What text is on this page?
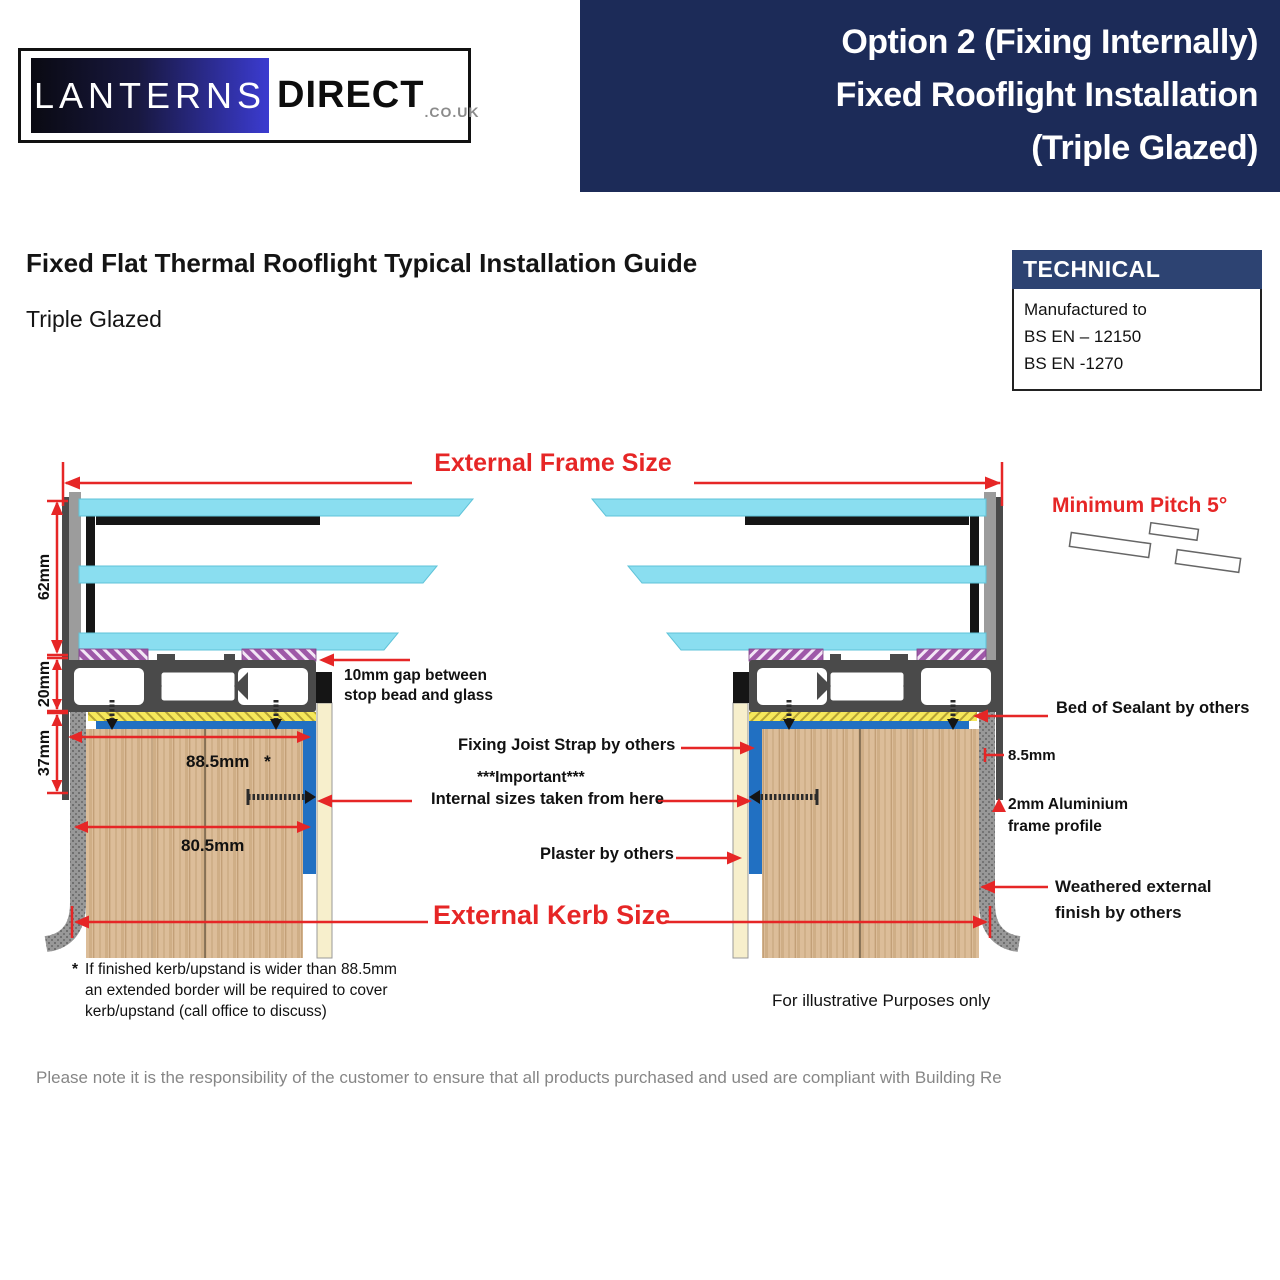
Option 2 (Fixing Internally)
Fixed Rooflight Installation
(Triple Glazed)
LANTERNS DIRECT .CO.UK
Fixed Flat Thermal Rooflight Typical Installation Guide
Triple Glazed
TECHNICAL
Manufactured to
BS EN – 12150
BS EN -1270
External Frame Size
Minimum Pitch 5°
62mm
20mm
37mm	88.5mm *
80.5mm
10mm gap between
stop bead and glass
Fixing Joist Strap by others
***Important***
Internal sizes taken from here
Plaster by others
External Kerb Size
Bed of Sealant by others
8.5mm
2mm Aluminium
frame profile
Weathered external
finish by others
* If finished kerb/upstand is wider than 88.5mm
an extended border will be required to cover
kerb/upstand (call office to discuss)
For illustrative Purposes only
Please note it is the responsibility of the customer to ensure that all products purchased and used are compliant with Building Re
